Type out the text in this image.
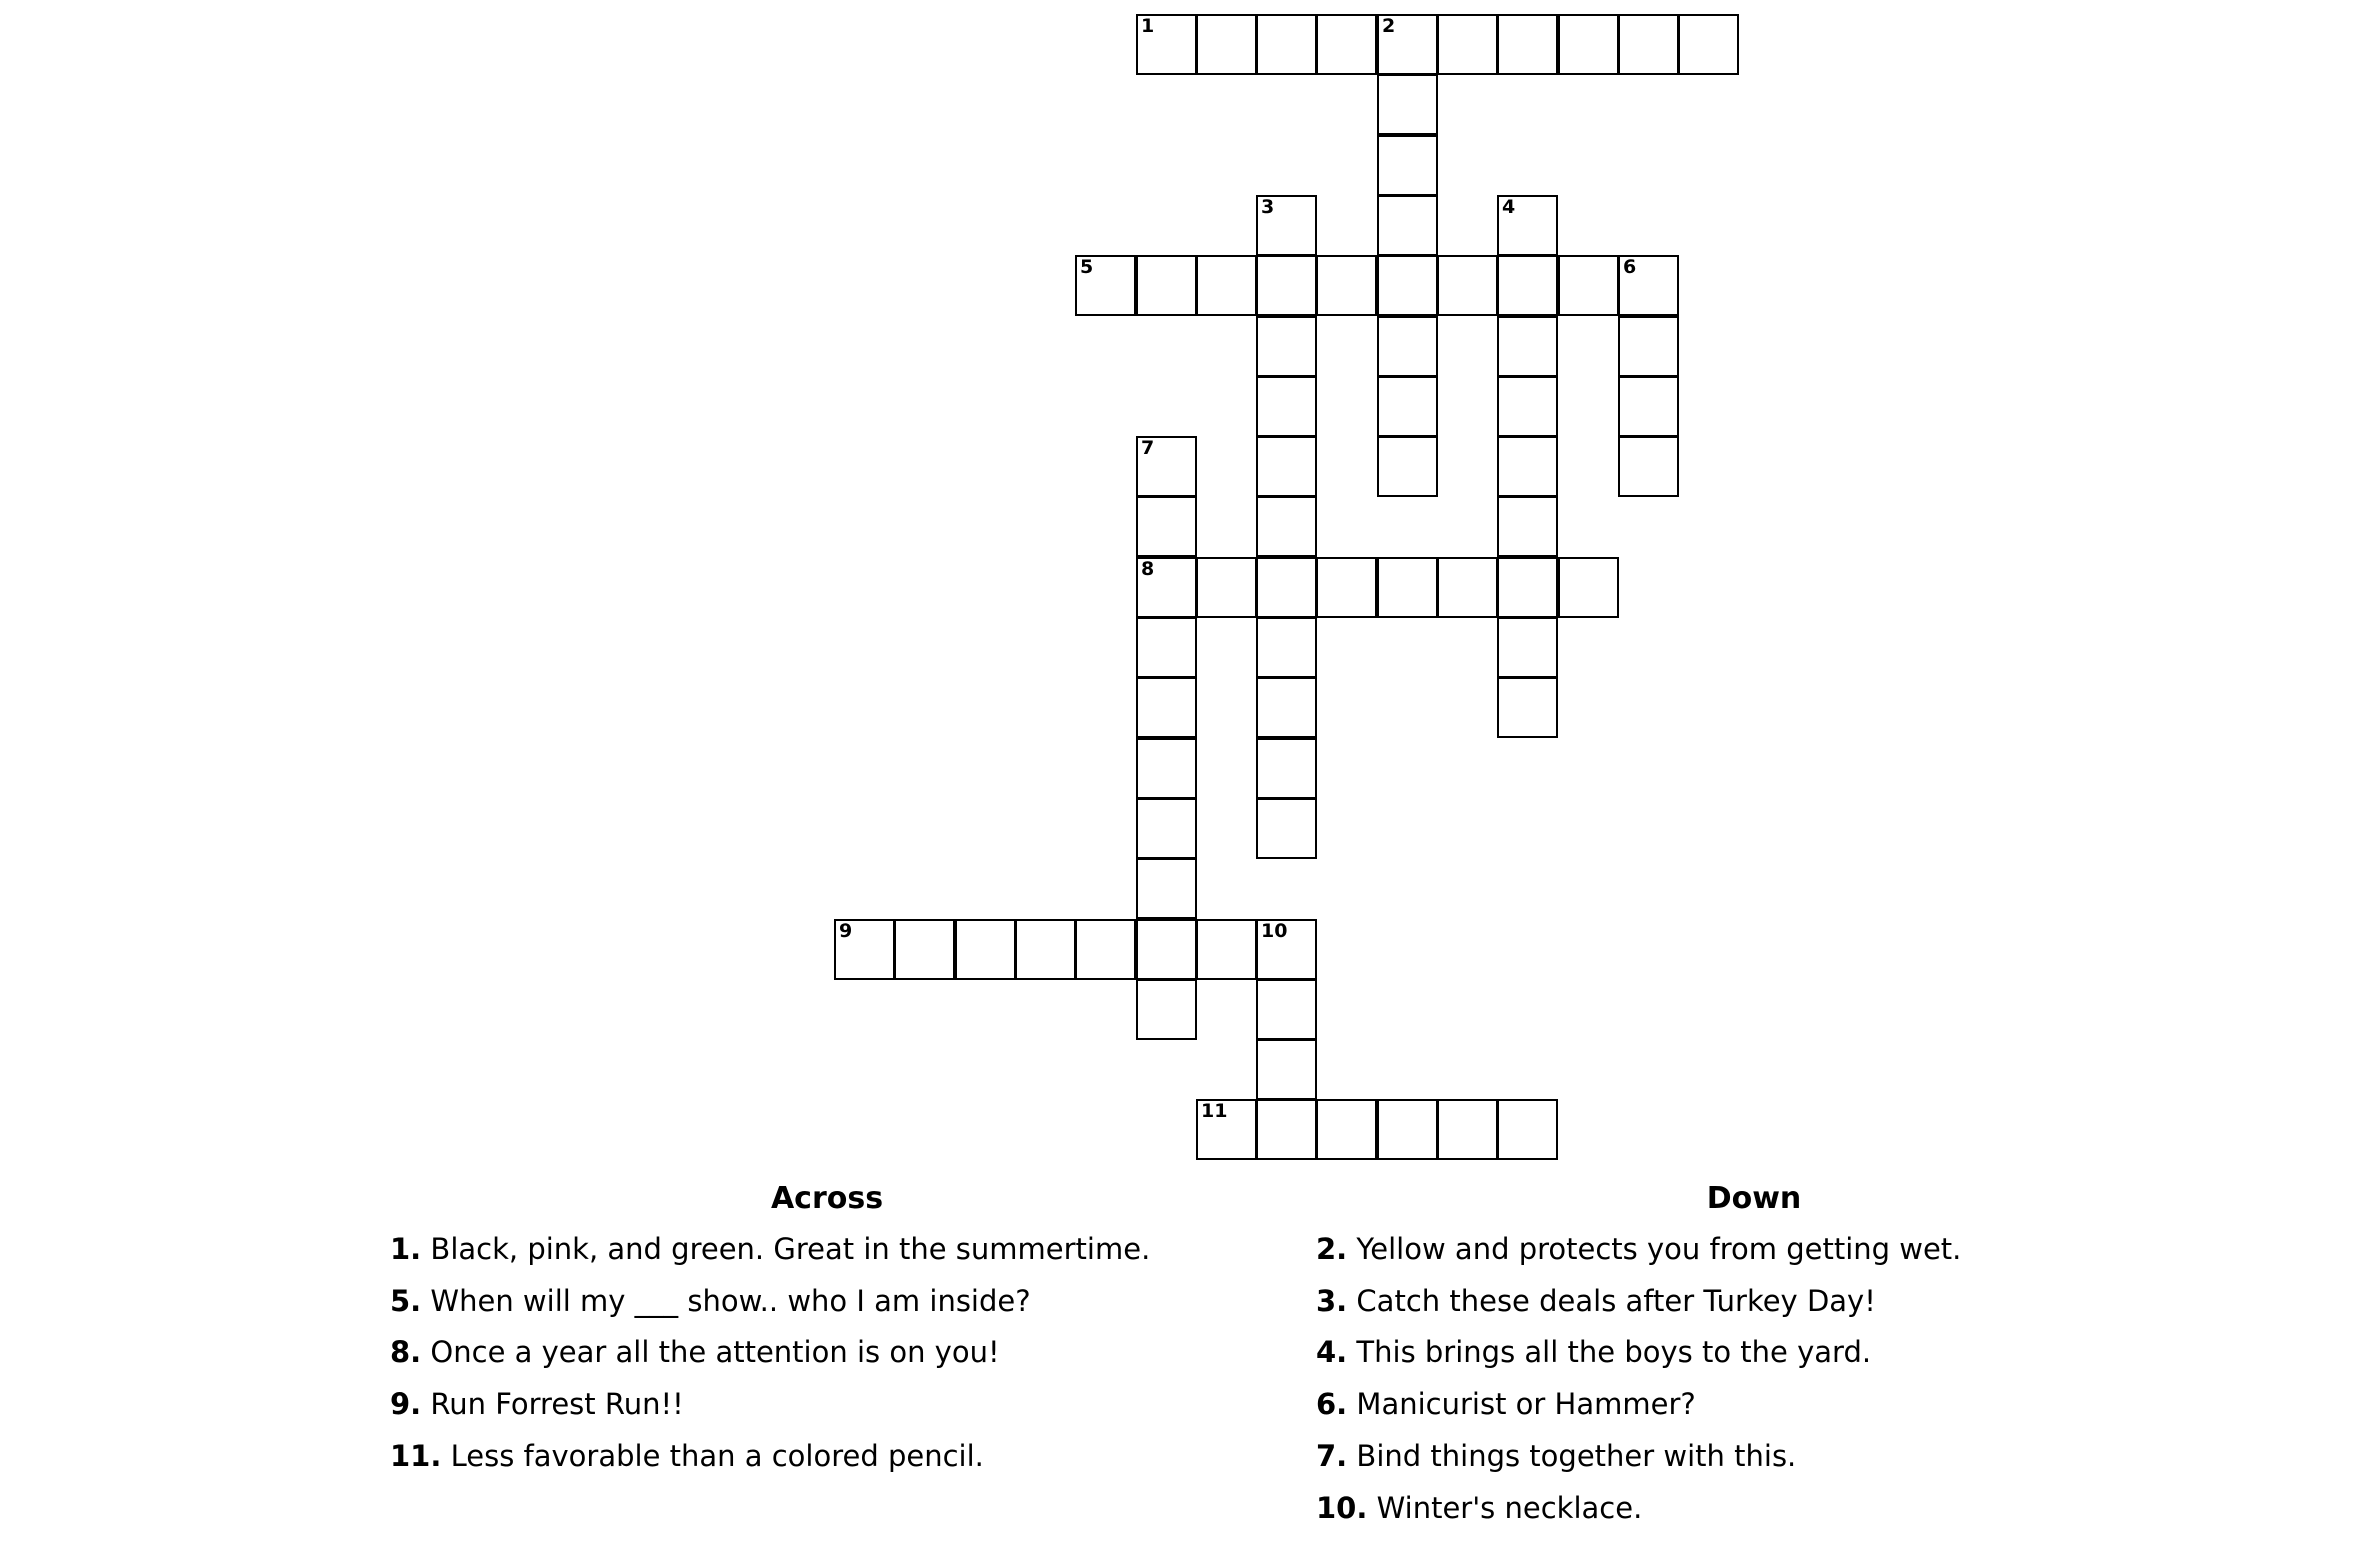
1	2
3	4
5	6
7
8
9	10
11
Across
1. Black, pink, and green. Great in the summertime.
5. When will my ___ show.. who I am inside?
8. Once a year all the attention is on you!
9. Run Forrest Run!!
11. Less favorable than a colored pencil.
Down
2. Yellow and protects you from getting wet.
3. Catch these deals after Turkey Day!
4. This brings all the boys to the yard.
6. Manicurist or Hammer?
7. Bind things together with this.
10. Winter's necklace.
